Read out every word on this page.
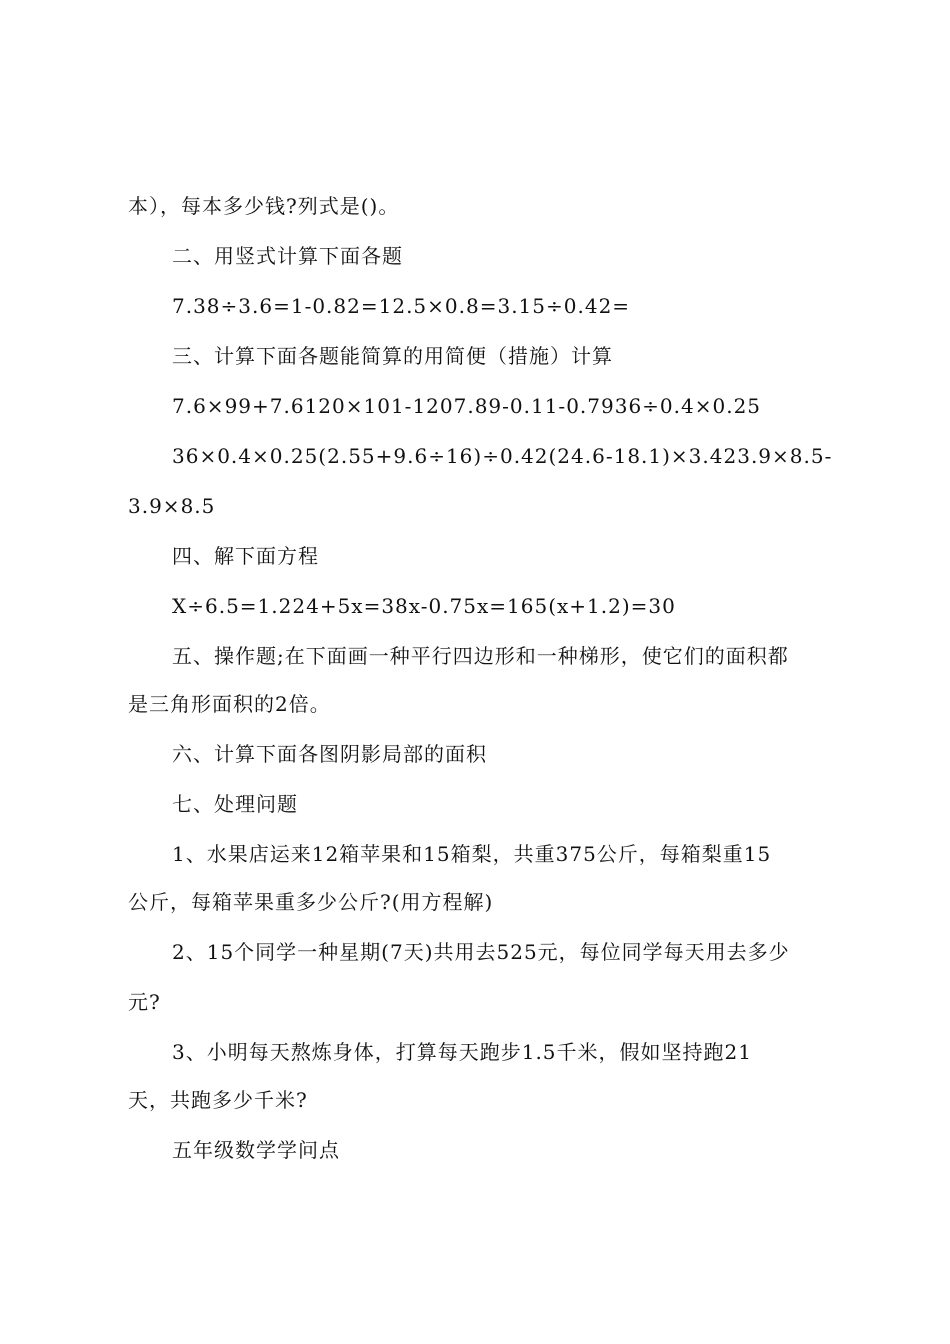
本），每本多少钱?列式是()。
二、用竖式计算下面各题
7.38÷3.6=1-0.82=12.5×0.8=3.15÷0.42=
三、计算下面各题能简算的用简便（措施）计算
7.6×99+7.6120×101-1207.89-0.11-0.7936÷0.4×0.25
36×0.4×0.25(2.55+9.6÷16)÷0.42(24.6-18.1)×3.423.9×8.5-
3.9×8.5
四、解下面方程
X÷6.5=1.224+5x=38x-0.75x=165(x+1.2)=30
五、操作题;在下面画一种平行四边形和一种梯形，使它们的面积都
是三角形面积的2倍。
六、计算下面各图阴影局部的面积
七、处理问题
1、水果店运来12箱苹果和15箱梨，共重375公斤，每箱梨重15
公斤，每箱苹果重多少公斤?(用方程解)
2、15个同学一种星期(7天)共用去525元，每位同学每天用去多少
元?
3、小明每天熬炼身体，打算每天跑步1.5千米，假如坚持跑21
天，共跑多少千米?
五年级数学学问点
